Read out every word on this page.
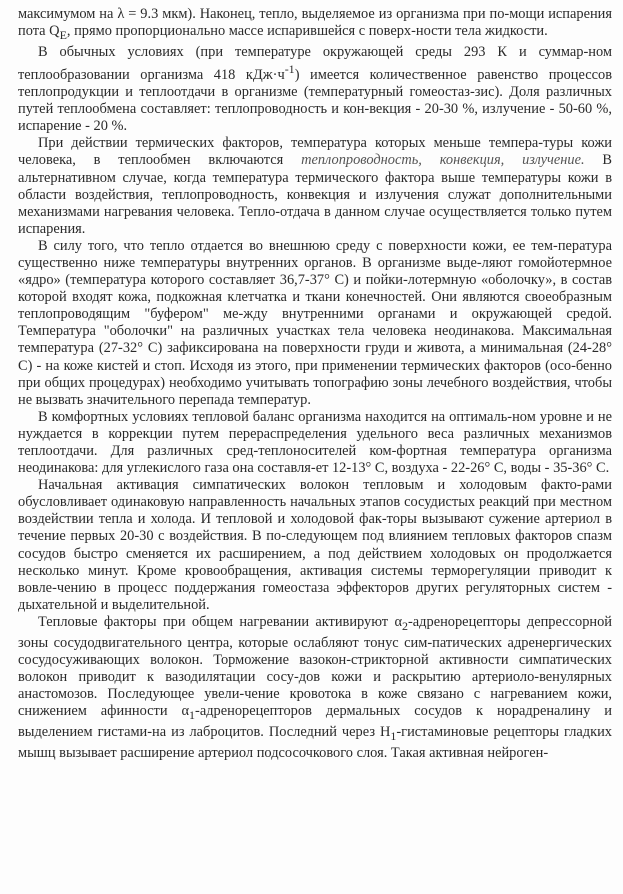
максимумом на λ = 9.3 мкм). Наконец, тепло, выделяемое из организма при по-мощи испарения пота $Q_E$, прямо пропорционально массе испарившейся с поверх-ности тела жидкости.

В обычных условиях (при температуре окружающей среды 293 К и суммар-ном теплообразовании организма 418 $кДж\cdot ч^{-1}$) имеется количественное равенство процессов теплопродукции и теплоотдачи в организме (температурный гомеостаз-зис). Доля различных путей теплообмена составляет: теплопроводность и кон-векция - 20-30 %, излучение - 50-60 %, испарение - 20 %.

При действии термических факторов, температура которых меньше темпера-туры кожи человека, в теплообмен включаются теплопроводность, конвекция, излучение. В альтернативном случае, когда температура термического фактора выше температуры кожи в области воздействия, теплопроводность, конвекция и излучения служат дополнительными механизмами нагревания человека. Тепло-отдача в данном случае осуществляется только путем испарения.

В силу того, что тепло отдается во внешнюю среду с поверхности кожи, ее тем-пература существенно ниже температуры внутренних органов. В организме выде-ляют гомойотермное «ядро» (температура которого составляет 36,7-37° С) и пойки-лотермную «оболочку», в состав которой входят кожа, подкожная клетчатка и ткани конечностей. Они являются своеобразным теплопроводящим "буфером" ме-жду внутренними органами и окружающей средой. Температура "оболочки" на различных участках тела человека неодинакова. Максимальная температура (27-32° С) зафиксирована на поверхности груди и живота, а минимальная (24-28° С) - на коже кистей и стоп. Исходя из этого, при применении термических факторов (осо-бенно при общих процедурах) необходимо учитывать топографию зоны лечебного воздействия, чтобы не вызвать значительного перепада температур.

В комфортных условиях тепловой баланс организма находится на оптималь-ном уровне и не нуждается в коррекции путем перераспределения удельного веса различных механизмов теплоотдачи. Для различных сред-теплоносителей ком-фортная температура организма неодинакова: для углекислого газа она составля-ет 12-13° С, воздуха - 22-26° С, воды - 35-36° С.

Начальная активация симпатических волокон тепловым и холодовым факто-рами обусловливает одинаковую направленность начальных этапов сосудистых реакций при местном воздействии тепла и холода. И тепловой и холодовой фак-торы вызывают сужение артериол в течение первых 20-30 с воздействия. В по-следующем под влиянием тепловых факторов спазм сосудов быстро сменяется их расширением, а под действием холодовых он продолжается несколько минут. Кроме кровообращения, активация системы терморегуляции приводит к вовле-чению в процесс поддержания гомеостаза эффекторов других регуляторных систем - дыхательной и выделительной.

Тепловые факторы при общем нагревании активируют $\alpha_2$-адренорецепторы депрессорной зоны сосудодвигательного центра, которые ослабляют тонус сим-патических адренергических сосудосуживающих волокон. Торможение вазокон-стрикторной активности симпатических волокон приводит к вазодилятации сосу-дов кожи и раскрытию артериоло-венулярных анастомозов. Последующее увели-чение кровотока в коже связано с нагреванием кожи, снижением афинности $\alpha_1$-адренорецепторов дермальных сосудов к норадреналину и выделением гистами-на из лаброцитов. Последний через $Н_1$-гистаминовые рецепторы гладких мышц вызывает расширение артериол подсосочкового слоя. Такая активная нейроген-
